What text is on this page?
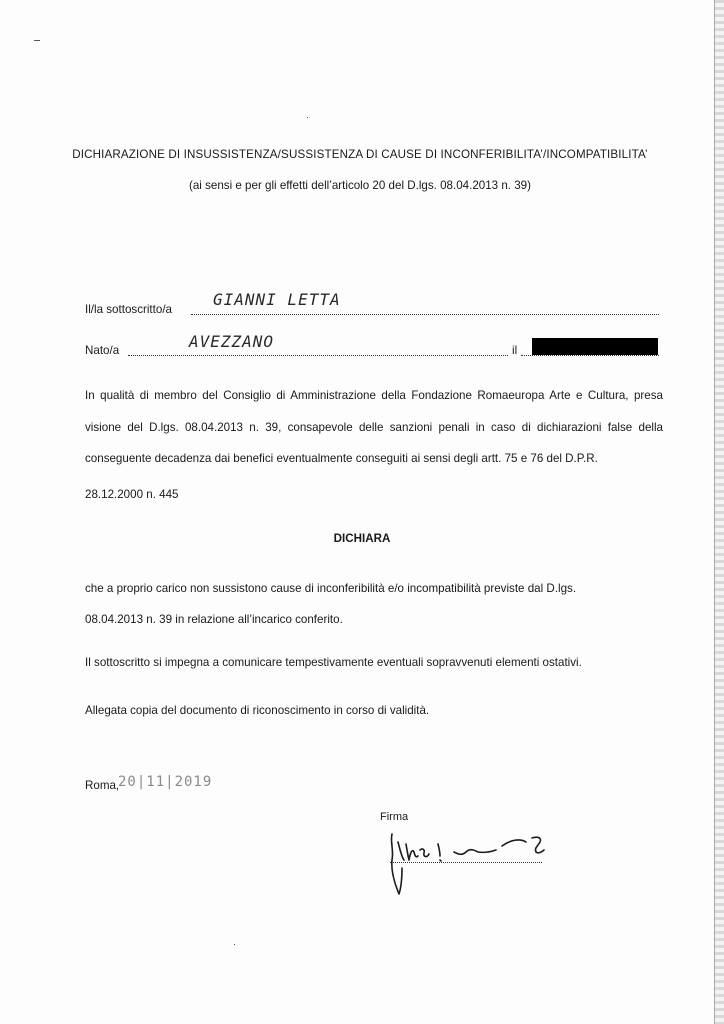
DICHIARAZIONE DI INSUSSISTENZA/SUSSISTENZA DI CAUSE DI INCONFERIBILITA’/INCOMPATIBILITA’
(ai sensi e per gli effetti dell’articolo 20 del D.lgs. 08.04.2013 n. 39)
Il/la sottoscritto/a
GIANNI LETTA
Nato/a	AVEZZANO	il
In qualità di membro del Consiglio di Amministrazione della Fondazione Romaeuropa Arte e Cultura, presa visione del D.lgs. 08.04.2013 n. 39, consapevole delle sanzioni penali in caso di dichiarazioni false della conseguente decadenza dai benefici eventualmente conseguiti ai sensi degli artt. 75 e 76 del D.P.R.
28.12.2000 n. 445
DICHIARA
che a proprio carico non sussistono cause di inconferibilità e/o incompatibilità previste dal D.lgs.
08.04.2013 n. 39 in relazione all’incarico conferito.
Il sottoscritto si impegna a comunicare tempestivamente eventuali sopravvenuti elementi ostativi.
Allegata copia del documento di riconoscimento in corso di validità.
Roma,
20|11|2019
Firma
